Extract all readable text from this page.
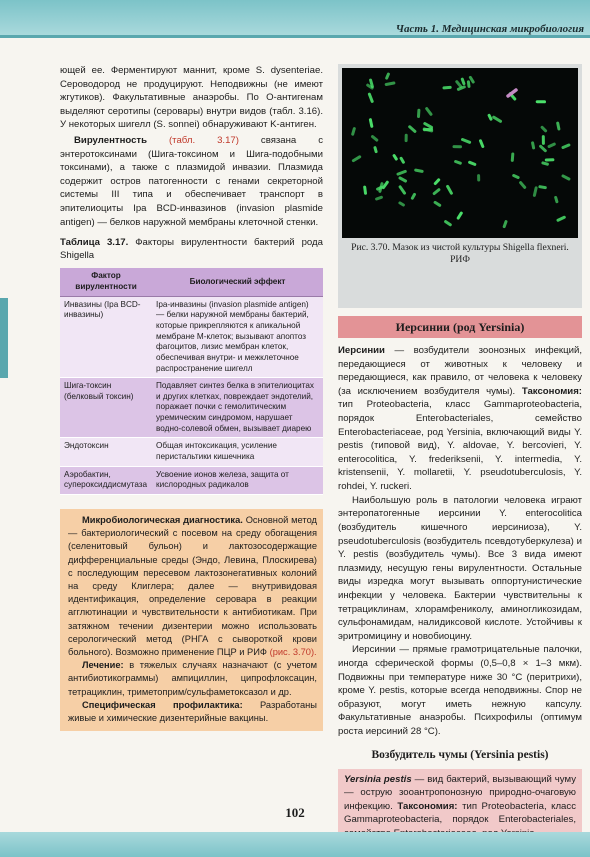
Часть 1. Медицинская микробиология

ющей ее. Ферментируют маннит, кроме S. dysenteriae. Сероводород не продуцируют. Неподвижны (не имеют жгутиков). Факультативные анаэробы. По O-антигенам выделяют серотипы (серовары) внутри видов (табл. 3.16). У некоторых шигелл (S. sonnei) обнаруживают K-антиген.

Вирулентность (табл. 3.17) связана с энтеротоксинами (Шига-токсином и Шига-подобными токсинами), а также с плазмидой инвазии. Плазмида содержит остров патогенности с генами секреторной системы III типа и обеспечивает транспорт в эпителиоциты Ipa BCD-инвазинов (invasion plasmide antigen) — белков наружной мембраны клеточной стенки.

Таблица 3.17. Факторы вирулентности бактерий рода Shigella

Фактор вирулентности	Биологический эффект
Инвазины (Ipa BCD-инвазины)	Ipa-инвазины (invasion plasmide antigen) — белки наружной мембраны бактерий, которые прикрепляются к апикальной мембране М-клеток; вызывают апоптоз фагоцитов, лизис мембран клеток, обеспечивая внутри- и межклеточное распространение шигелл
Шига-токсин (белковый токсин)	Подавляет синтез белка в эпителиоцитах и других клетках, повреждает эндотелий, поражает почки с гемолитическим уремическим синдромом, нарушает водно-солевой обмен, вызывает диарею
Эндотоксин	Общая интоксикация, усиление перистальтики кишечника
Аэробактин, супероксиддисмутаза	Усвоение ионов железа, защита от кислородных радикалов

Микробиологическая диагностика. Основной метод — бактериологический с посевом на среду обогащения (селенитовый бульон) и лактозосодержащие дифференциальные среды (Эндо, Левина, Плоскирева) с последующим пересевом лактозонегативных колоний на среду Клиглера; далее — внутривидовая идентификация, определение серовара в реакции агглютинации и чувствительности к антибиотикам. При затяжном течении дизентерии можно использовать серологический метод (РНГА с сывороткой крови больного). Возможно применение ПЦР и РИФ (рис. 3.70).

Лечение: в тяжелых случаях назначают (с учетом антибиотикограммы) ампициллин, ципрофлоксацин, тетрациклин, триметоприм/сульфаметоксазол и др.

Специфическая профилактика: Разработаны живые и химические дизентерийные вакцины.

Рис. 3.70. Мазок из чистой культуры Shigella flexneri. РИФ
Иерсинии (род Yersinia)

Иерсинии — возбудители зоонозных инфекций, передающиеся от животных к человеку и передающиеся, как правило, от человека к человеку (за исключением возбудителя чумы). Таксономия: тип Proteobacteria, класс Gammaproteobacteria, порядок Enterobacteriales, семейство Enterobacteriaceae, род Yersinia, включающий виды Y. pestis (типовой вид), Y. aldovae, Y. bercovieri, Y. enterocolitica, Y. frederiksenii, Y. intermedia, Y. kristensenii, Y. mollaretii, Y. pseudotuberculosis, Y. rohdei, Y. ruckeri.

Наибольшую роль в патологии человека играют энтеропатогенные иерсинии Y. enterocolitica (возбудитель кишечного иерсиниоза), Y. pseudotuberculosis (возбудитель псевдотуберкулеза) и Y. pestis (возбудитель чумы). Все 3 вида имеют плазмиду, несущую гены вирулентности. Остальные виды изредка могут вызывать оппортунистические инфекции у человека. Бактерии чувствительны к тетрациклинам, хлорамфениколу, аминогликозидам, сульфонамидам, налидиксовой кислоте. Устойчивы к эритромицину и новобиоцину.

Иерсинии — прямые грамотрицательные палочки, иногда сферической формы (0,5–0,8 × 1–3 мкм). Подвижны при температуре ниже 30 °С (перитрихи), кроме Y. pestis, которые всегда неподвижны. Спор не образуют, могут иметь нежную капсулу. Факультативные анаэробы. Психрофилы (оптимум роста иерсиний 28 °С).

Возбудитель чумы (Yersinia pestis)

Yersinia pestis — вид бактерий, вызывающий чуму — острую зооантропонозную природно-очаговую инфекцию. Таксономия: тип Proteobacteria, класс Gammaproteobacteria, порядок Enterobacteriales,

102
